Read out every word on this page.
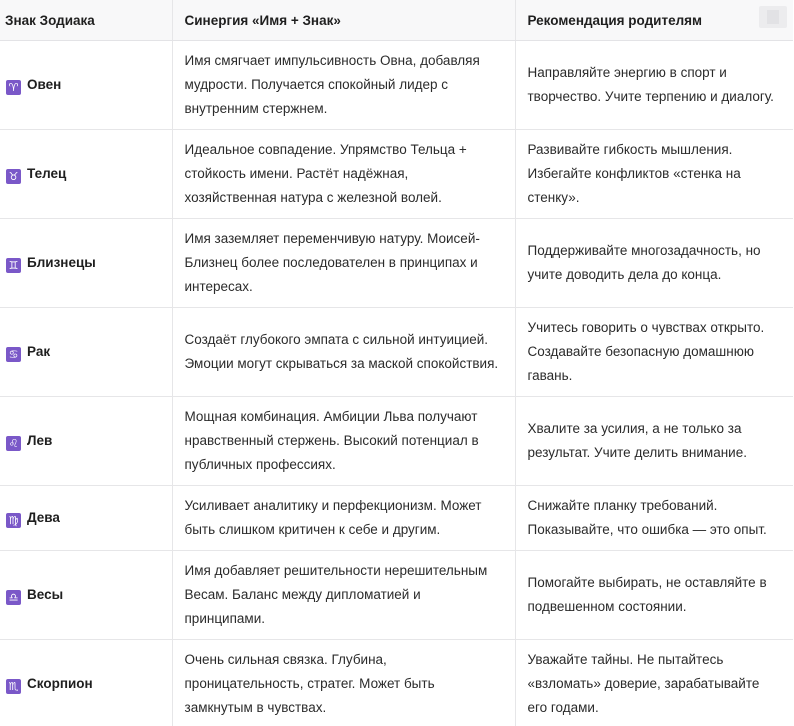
Знак Зодиака	Синергия «Имя + Знак»	Рекомендация родителям

♈ Овен	Имя смягчает импульсивность Овна, добавляя мудрости. Получается спокойный лидер с внутренним стержнем.	Направляйте энергию в спорт и творчество. Учите терпению и диалогу.
♉ Телец	Идеальное совпадение. Упрямство Тельца + стойкость имени. Растёт надёжная, хозяйственная натура с железной волей.	Развивайте гибкость мышления. Избегайте конфликтов «стенка на стенку».
♊ Близнецы	Имя заземляет переменчивую натуру. Моисей-Близнец более последователен в принципах и интересах.	Поддерживайте многозадачность, но учите доводить дела до конца.
♋ Рак	Создаёт глубокого эмпата с сильной интуицией. Эмоции могут скрываться за маской спокойствия.	Учитесь говорить о чувствах открыто. Создавайте безопасную домашнюю гавань.
♌ Лев	Мощная комбинация. Амбиции Льва получают нравственный стержень. Высокий потенциал в публичных профессиях.	Хвалите за усилия, а не только за результат. Учите делить внимание.
♍ Дева	Усиливает аналитику и перфекционизм. Может быть слишком критичен к себе и другим.	Снижайте планку требований. Показывайте, что ошибка — это опыт.
♎ Весы	Имя добавляет решительности нерешительным Весам. Баланс между дипломатией и принципами.	Помогайте выбирать, не оставляйте в подвешенном состоянии.
♏ Скорпион	Очень сильная связка. Глубина, проницательность, стратег. Может быть замкнутым в чувствах.	Уважайте тайны. Не пытайтесь «взломать» доверие, зарабатывайте его годами.
